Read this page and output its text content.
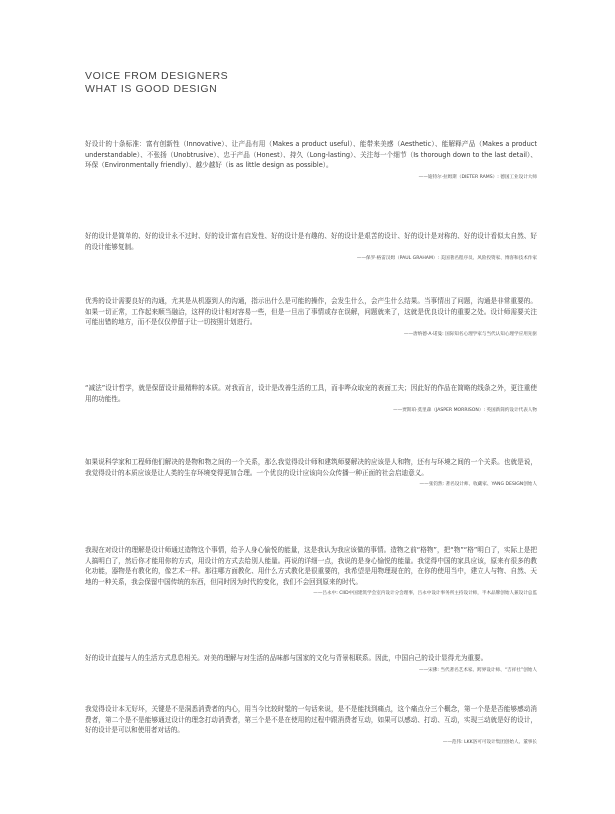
VOICE FROM DESIGNERS
WHAT IS GOOD DESIGN

好设计的十条标准：富有创新性（Innovative）、让产品有用（Makes a product useful）、能带来美感（Aesthetic）、能解释产品（Makes a product understandable）、不张扬（Unobtrusive）、忠于产品（Honest）、持久（Long-lasting）、关注每一个细节（Is thorough down to the last detail）、环保（Environmentally friendly）、越少越好（is as little design as possible）。

——迪特尔·拉姆斯（DIETER RAMS）: 德国工业设计大师

好的设计是简单的、好的设计永不过时、好的设计富有启发性、好的设计是有趣的、好的设计是艰苦的设计、好的设计是对称的、好的设计看似太自然、好的设计能够复制。

——保罗·格雷汉姆（PAUL GRAHAM）: 美国著名程序员、风险投资家、博客和技术作家

优秀的设计需要良好的沟通，尤其是从机器到人的沟通，指示出什么是可能的操作，会发生什么，会产生什么结果。当事情出了问题，沟通是非常重要的。如果一切正常，工作起来顺当融洽，这样的设计相对容易一些，但是一旦出了事情或存在误解，问题就来了，这就是优良设计的重要之处。设计师需要关注可能出错的地方，而不是仅仅停留于让一切按照计划进行。

——唐纳德·A·诺曼: 国际知名心理学家与当代认知心理学应用先驱

“减法”设计哲学，就是保留设计最精粹的本质。对我而言，设计是改善生活的工具，而非哗众取宠的表面工夫；因此好的作品在简略的线条之外，更注重使用的功能性。

——贾斯珀·莫里森（JASPER MORRISON）: 英国新简约设计代表人物

如果说科学家和工程师他们解决的是物和物之间的一个关系，那么我觉得设计师和建筑师要解决的应该是人和物，还有与环境之间的一个关系。也就是说，我觉得设计的本质应该是让人类的生存环境变得更加合理。一个优良的设计应该向公众传播一种正面的社会启迪意义。

——张钧然: 著名设计师、收藏家、YANG DESIGN创始人

我现在对设计的理解是设计师通过造物这个事情，给予人身心愉悦的能量，这是我认为我应该做的事情。造物之前“格物”，把“物”“格”明白了，实际上是把人搞明白了，然后你才能用你的方式，用设计的方式去给别人能量。再说的详细一点，我说的是身心愉悦的能量。我觉得中国的家具应该，原来有很多的教化功能，器物是有教化的，像艺术一样。那往哪方面教化、用什么方式教化是很重要的，我希望是用物理现在的，在你的使用当中，建立人与物、自然、天地的一种关系，我会保留中国传统的东西，但同时因为时代的变化，我们不会回到原来的时代。

——吕永中: CIID中国建筑学会室内设计分会理事，吕永中设计事务所主持设计师，半木品牌创始人兼设计总监

好的设计直接与人的生活方式息息相关。对美的理解与对生活的品味都与国家的文化与背景相联系。因此，中国自己的设计显得尤为重要。

——宋佛: 当代著名艺术家、跨界设计师、“吉祥社”创始人

我觉得设计本无好坏，关键是不是洞悉消费者的内心，用当今比较时髦的一句话来说，是不是能找到痛点，这个痛点分三个概念，第一个是是否能够感动消费者，第二个是不是能够通过设计的理念打动消费者，第三个是不是在使用的过程中跟消费者互动，如果可以感动、打动、互动，实现三动就是好的设计，好的设计是可以和使用者对话的。

——范伟: LKK洛可可设计集团创始人、董事长
